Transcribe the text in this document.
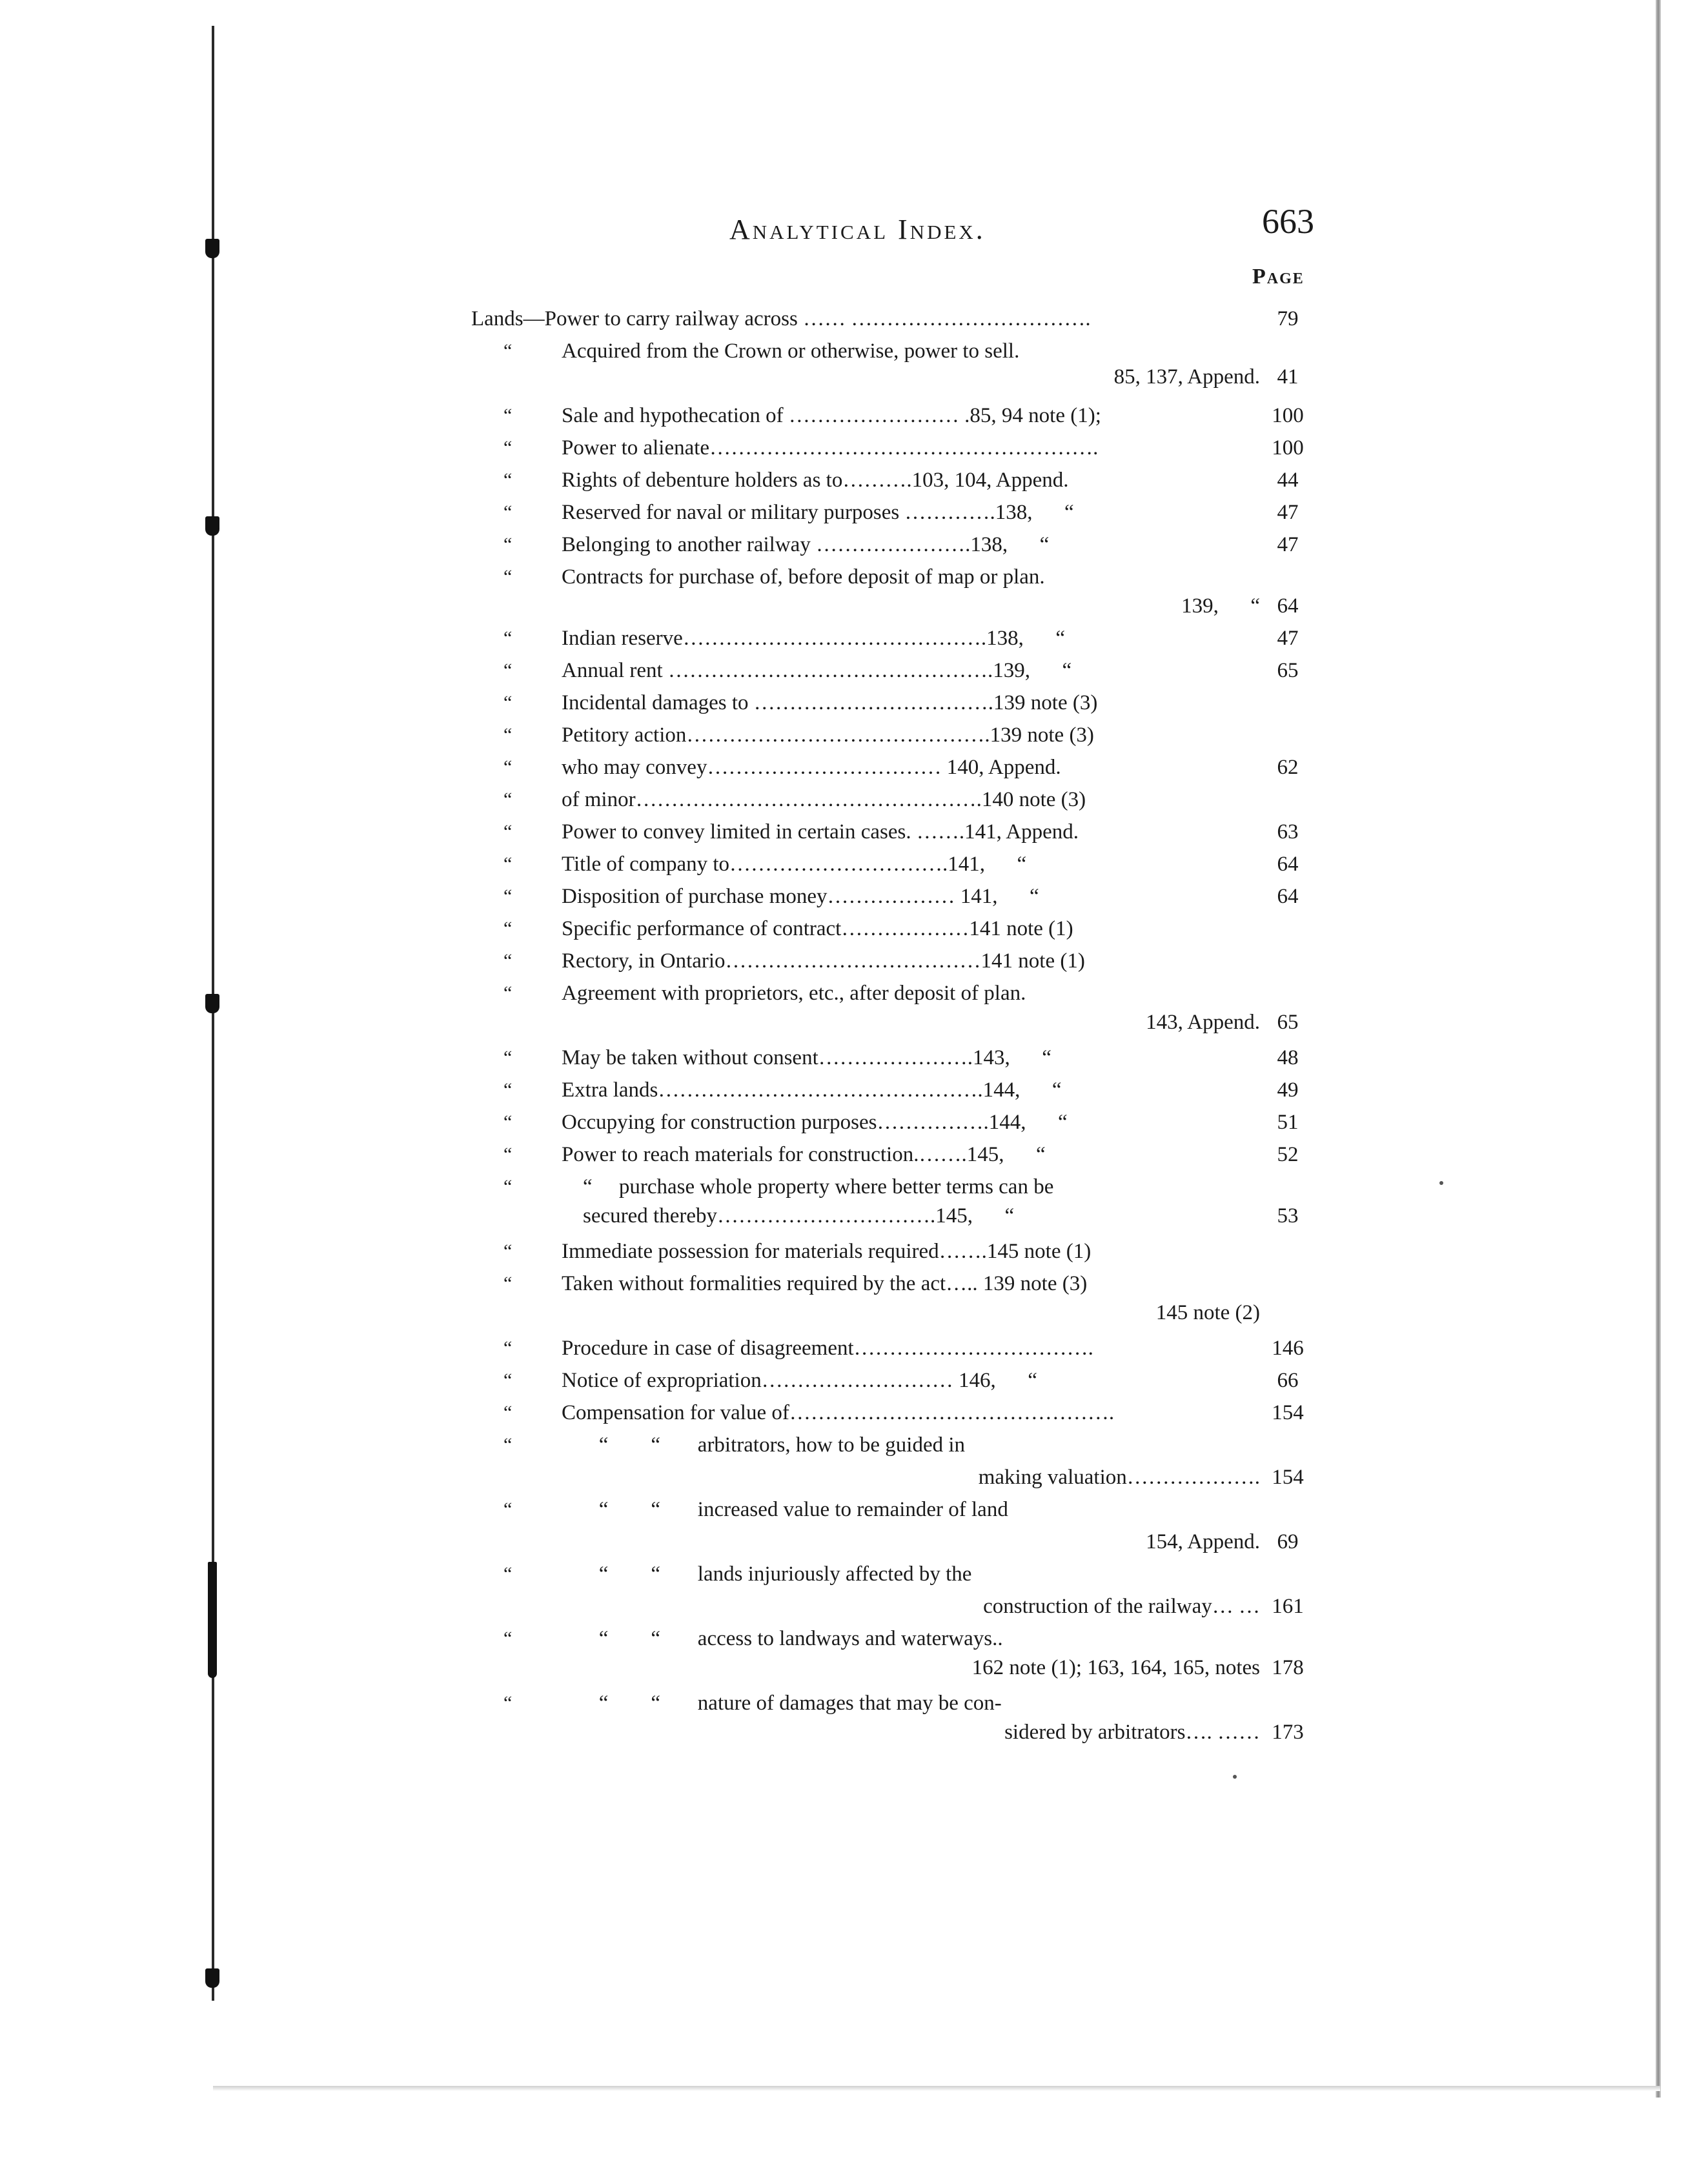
Analytical Index.	663
Page
Lands—Power to carry railway across …… …………………………….	79
“ Acquired from the Crown or otherwise, power to sell.
85, 137, Append. 41
“ Sale and hypothecation of …………………… .85, 94 note (1);	100
“ Power to alienate……………………………………………….	100
“ Rights of debenture holders as to……….103, 104, Append.	44
“ Reserved for naval or military purposes ………….138,      “	47
“ Belonging to another railway ………………….138,      “	47
“ Contracts for purchase of, before deposit of map or plan.
139,      “ 64
“ Indian reserve…………………………………….138,      “	47
“ Annual rent ……………………………………….139,      “	65
“ Incidental damages to …………………………….139 note (3)
“ Petitory action…………………………………….139 note (3)
“ who may convey…………………………… 140, Append.	62
“ of minor………………………………………….140 note (3)
“ Power to convey limited in certain cases. …….141, Append.	63
“ Title of company to………………………….141,      “	64
“ Disposition of purchase money……………… 141,      “	64
“ Specific performance of contract………………141 note (1)
“ Rectory, in Ontario………………………………141 note (1)
“ Agreement with proprietors, etc., after deposit of plan.
143, Append. 65
“ May be taken without consent………………….143,      “	48
“ Extra lands……………………………………….144,      “	49
“ Occupying for construction purposes…………….144,      “	51
“ Power to reach materials for construction.…….145,      “	52
“ “     purchase whole property where better terms can be
secured thereby………………………….145,      “	53
“ Immediate possession for materials required…….145 note (1)
“ Taken without formalities required by the act….. 139 note (3)
145 note (2)
“ Procedure in case of disagreement…………………………….	146
“ Notice of expropriation……………………… 146,      “	66
“ Compensation for value of……………………………………….	154
“ “        “       arbitrators, how to be guided in
making valuation………………. 154
“ “        “       increased value to remainder of land
154, Append. 69
“ “        “       lands injuriously affected by the
construction of the railway… … 161
“ “        “       access to landways and waterways..
162 note (1); 163, 164, 165, notes 178
“ “        “       nature of damages that may be con-
sidered by arbitrators…. …… 173
